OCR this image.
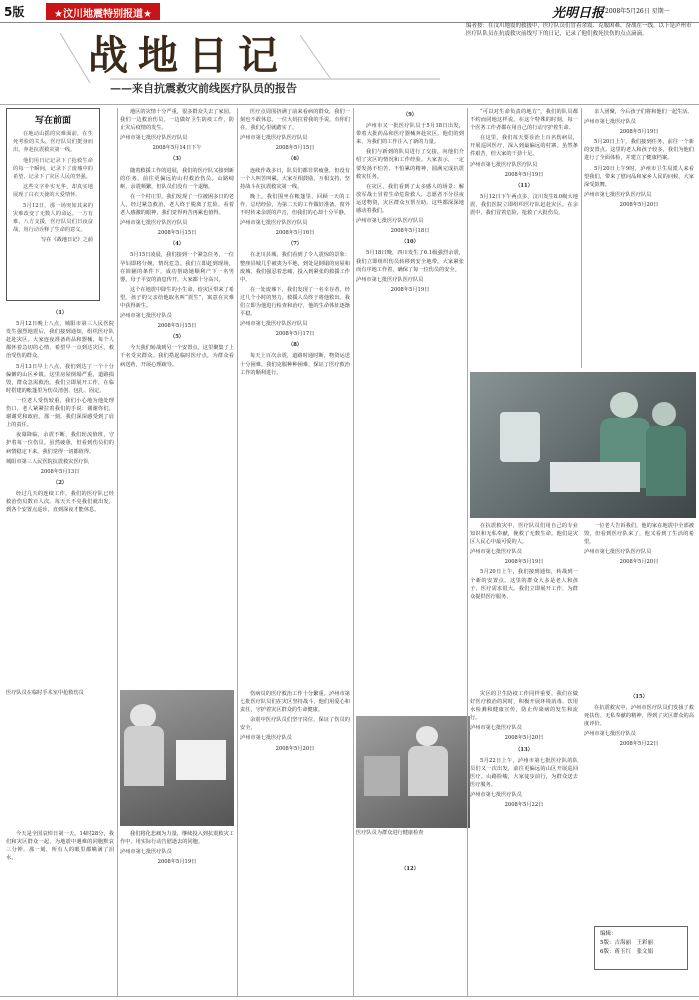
5版	★汶川地震特别报道★	光明日报 2008年5月26日 星期一
战地日记
——来自抗震救灾前线医疗队员的报告
编者按：在汶川地震的救援中，医疗队员们冒着余震、克服困难，奋战在一线。以下是泸州市医疗队队员在抗震救灾前线写下的日记，记录了他们救死扶伤的点点滴滴。
写在前面

在地动山摇的灾难面前，在生死考验的关头，医疗队员们挺身而出，奔赴抗震救灾第一线。

他们用日记记录下了抢救生命的每一个瞬间，记录下了废墟中的希望，记录下了灾区人民的坚强。

这些文字朴实无华，却真实地展现了白衣天使的大爱情怀。

5月12日，那一场突如其来的灾难改变了无数人的命运。一方有难，八方支援，医疗队员们日夜奋战，用行动诠释了生命的意义。

写在《战地日记》之前
（1）

5月12日晚上八点，城阳市第三人民医院发生强烈地震后，我们接到通知，组织医疗队赶赴灾区。大家连夜准备药品和器械，每个人都怀着急切的心情，希望早一点到达灾区，救治受伤的群众。

5月13日早上八点，我们到达了一个十分偏僻的山区乡镇。这里房屋倒塌严重，道路损毁，群众急需救治。我们立即展开工作，在临时搭建的帐篷里为伤员清创、包扎、固定。

一位老人受伤较重，我们小心地为他处理伤口，老人紧紧拉着我们的手说：谢谢你们，谢谢党和政府。那一刻，我们深深感受到了肩上的责任。

夜幕降临，余震不断，我们轮流值班，守护着每一位伤员。虽然疲惫，但看到伤员们的病情稳定下来，我们觉得一切都值得。

城阳市第三人民医院抗震救灾医疗队
2008年5月13日
（2）

经过几天的连续工作，我们的医疗队已经救治伤员数百人次。每天天不亮我们就出发，到各个安置点巡诊，直到深夜才能休息。

地区的灾情十分严重，很多群众失去了家园。我们一边救治伤员，一边做好卫生防疫工作，防止灾后疫情的发生。

泸州市第七批医疗队医疗队员
2008年5月14日下午
（3）

随着救援工作的进展，我们的医疗队又接到新的任务，前往更偏远的山村救治伤员。山路崎岖，余震频繁，但队员们没有一个退缩。

在一个村庄里，我们发现了一位被困多日的老人，经过紧急救治，老人终于脱离了危险。看着老人感激的眼神，我们觉得再苦再累也值得。

泸州市第七批医疗队医疗队员
2008年5月15日
（4）

5月15日凌晨，我们接到一个紧急任务，一位孕妇即将分娩，情况危急。我们立即赶到现场，在简陋的条件下，成功帮助她顺利产下一名男婴。母子平安的消息传开，大家都十分高兴。

这个在地震中降生的小生命，给灾区带来了希望。孩子的父亲给他取名叫“震生”，寓意在灾难中获得新生。

泸州市第七批医疗队员
2008年5月15日
（5）

今天我们转战到另一个安置点，这里聚集了上千名受灾群众。我们搭起临时医疗点，为群众看病送药，开展心理疏导。

医疗点周围挤满了前来看病的群众，我们一刻也不敢休息。一位大妈拉着我的手说，有你们在，我们心里就踏实了。

泸州市第七批医疗队医疗队员
2008年5月15日
（6）

连续作战多日，队员们都非常疲惫，但没有一个人叫苦叫累。大家互相鼓励，互相支持，坚持战斗在抗震救灾第一线。

晚上，我们围坐在帐篷里，回顾一天的工作，总结经验，为第二天的工作做好准备。窗外不时传来余震的声音，但我们的心却十分平静。

泸州市第七批医疗队医疗队员
2008年5月16日
（7）

在北川县城，我们看到了令人震惊的景象：整座县城几乎被夷为平地，到处是倒塌的房屋和废墟。我们强忍着悲痛，投入到紧张的救援工作中。

在一处废墟下，我们发现了一名幸存者。经过几个小时的努力，救援人员终于将他救出。我们立即为他进行检查和治疗，他的生命体征逐渐平稳。

泸州市第七批医疗队医疗队员
2008年5月17日
（8）

每天上百次余震，道路时通时断，物资运送十分困难。我们克服种种困难，保证了医疗救治工作的顺利进行。

（9）

泸州市又一批医疗队员于5月18日出发，带着大批药品和医疗器械奔赴灾区。他们的到来，为我们的工作注入了新的力量。

我们与新到的队员进行了交接，向他们介绍了灾区的情况和工作经验。大家表示，一定要发扬不怕苦、不怕累的精神，圆满完成抗震救灾任务。

在灾区，我们看到了太多感人的场景：解放军战士冒着生命危险救人，志愿者不分昼夜运送物资，灾区群众互帮互助。这些都深深地感动着我们。

泸州市第七批医疗队医疗队员
2008年5月18日
（10）

5月18日晚，四川发生了6.1级强烈余震，我们立即组织伤员转移到安全地带。大家紧张而有序地工作着，确保了每一位伤员的安全。

泸州市第七批医疗队医疗队员
2008年5月19日

“可以对生命负责的地方”，我们的队员都不约而同地这样说。在这个特殊的时刻，每一个医务工作者都在用自己的行动守护着生命。

在这里，我们每天要诊治上百名伤病员，开展巡回医疗，深入到最偏远的村寨。虽然条件艰苦，但大家的干劲十足。

泸州市第七批医疗队医疗队员
2008年5月19日
（11）

5月12日下午两点多，汶川发生8.0级大地震，我们医院立即组织医疗队赶赴灾区。在余震中，我们冒着危险，抢救了大批伤员。

亲人团聚，今后孩子们将和他们一起生活。

泸州市第七批医疗队员
2008年5月19日

5月20日上午，我们接到任务，前往一个新的安置点。这里的老人和孩子较多，我们为他们进行了全面体检，并建立了健康档案。

5月20日上午9时，泸州市卫生局派人来看望我们，带来了慰问品和家乡人民的问候，大家深受鼓舞。

泸州市第七批医疗队医疗队员
2008年5月20日

在抗震救灾中，医疗队员们用自己的专业知识和无私奉献，挽救了无数生命。他们是灾区人民心中最可爱的人。

泸州市第七批医疗队员
2008年5月19日

5月20日上午，我们接到通知，转战到一个新的安置点。这里的群众大多是老人和孩子，医疗需求很大。我们立即展开工作，为群众提供医疗服务。

一位老人告诉我们，他的家在地震中全部被毁，但看到医疗队来了，他又看到了生活的希望。

泸州市第七批医疗队医疗队员
2008年5月20日
医疗队员在临时手术室中抢救伤员
医疗队员为群众进行健康检查

伤病员的医疗救治工作十分繁重。泸州市第七批医疗队员们在灾区坚持战斗，他们用爱心和责任，守护着灾区群众的生命健康。

余震中医疗队员们坚守岗位，保证了伤员的安全。

泸州市第七批医疗队员
2008年5月20日

今天是全国哀悼日第一天。14时28分，我们和灾区群众一起，为地震中遇难的同胞默哀三分钟。那一刻，所有人的眼里都噙满了泪水。

我们将化悲痛为力量，继续投入到抗震救灾工作中，用实际行动告慰逝去的同胞。

泸州市第七批医疗队员
2008年5月19日
（12）

灾区的卫生防疫工作同样重要。我们在做好医疗救治的同时，积极开展环境消毒、饮用水检测和健康宣传，防止传染病的发生和流行。

泸州市第七批医疗队员
2008年5月20日
（13）

5月22日上午，泸州市第七批医疗队的队员们又一次出发，前往更偏远的山区开展巡回医疗。山路险峻，大家徒步前行，为群众送去医疗服务。

泸州市第七批医疗队员
2008年5月22日
（15）

在抗震救灾中，泸州市医疗队员们发扬了救死扶伤、无私奉献的精神，得到了灾区群众的高度评价。

泸州市第七批医疗队员
2008年5月22日
编辑：
5版：吉海丽　王彩丽
6版：蒋玉红　张文娟
